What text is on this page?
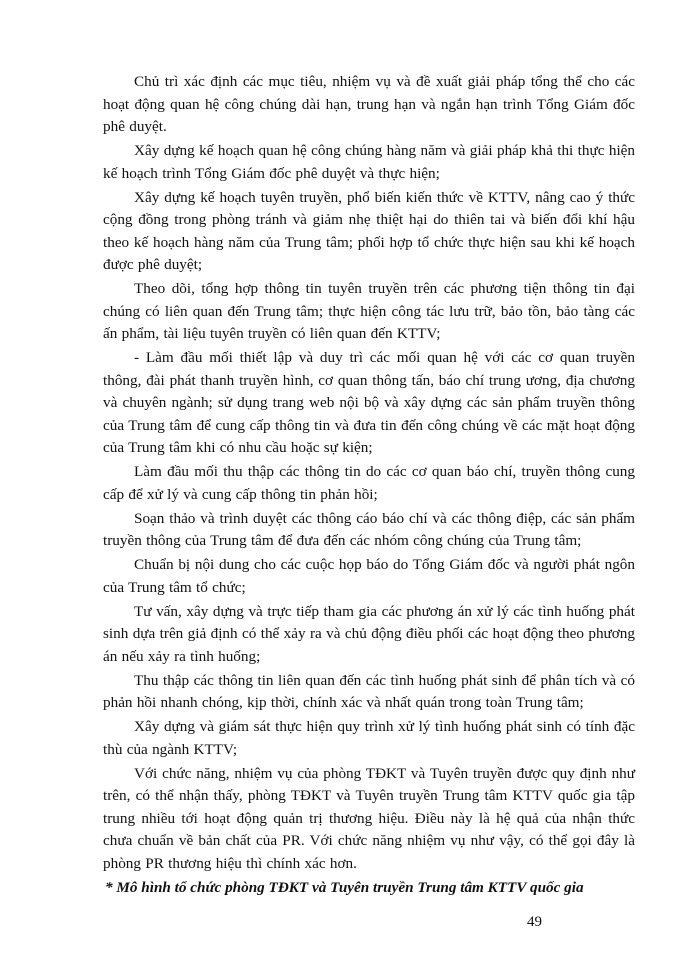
Chủ trì xác định các mục tiêu, nhiệm vụ và đề xuất giải pháp tổng thể cho các hoạt động quan hệ công chúng dài hạn, trung hạn và ngắn hạn trình Tổng Giám đốc phê duyệt.

Xây dựng kế hoạch quan hệ công chúng hàng năm và giải pháp khả thi thực hiện kế hoạch trình Tổng Giám đốc phê duyệt và thực hiện;

Xây dựng kế hoạch tuyên truyền, phổ biến kiến thức về KTTV, nâng cao ý thức cộng đồng trong phòng tránh và giảm nhẹ thiệt hại do thiên tai và biến đổi khí hậu theo kế hoạch hàng năm của Trung tâm; phối hợp tổ chức thực hiện sau khi kế hoạch được phê duyệt;

Theo dõi, tổng hợp thông tin tuyên truyền trên các phương tiện thông tin đại chúng có liên quan đến Trung tâm; thực hiện công tác lưu trữ, bảo tồn, bảo tàng các ấn phẩm, tài liệu tuyên truyền có liên quan đến KTTV;

- Làm đầu mối thiết lập và duy trì các mối quan hệ với các cơ quan truyền thông, đài phát thanh truyền hình, cơ quan thông tấn, báo chí trung ương, địa chương và chuyên ngành; sử dụng trang web nội bộ và xây dựng các sản phẩm truyền thông của Trung tâm để cung cấp thông tin và đưa tin đến công chúng về các mặt hoạt động của Trung tâm khi có nhu cầu hoặc sự kiện;

Làm đầu mối thu thập các thông tin do các cơ quan báo chí, truyền thông cung cấp để xử lý và cung cấp thông tin phản hồi;

Soạn thảo và trình duyệt các thông cáo báo chí và các thông điệp, các sản phẩm truyền thông của Trung tâm để đưa đến các nhóm công chúng của Trung tâm;

Chuẩn bị nội dung cho các cuộc họp báo do Tổng Giám đốc và người phát ngôn của Trung tâm tổ chức;

Tư vấn, xây dựng và trực tiếp tham gia các phương án xử lý các tình huống phát sinh dựa trên giả định có thể xảy ra và chủ động điều phối các hoạt động theo phương án nếu xảy ra tình huống;

Thu thập các thông tin liên quan đến các tình huống phát sinh để phân tích và có phản hồi nhanh chóng, kịp thời, chính xác và nhất quán trong toàn Trung tâm;

Xây dựng và giám sát thực hiện quy trình xử lý tình huống phát sinh có tính đặc thù của ngành KTTV;

Với chức năng, nhiệm vụ của phòng TĐKT và Tuyên truyền được quy định như trên, có thể nhận thấy, phòng TĐKT và Tuyên truyền Trung tâm KTTV quốc gia tập trung nhiều tới hoạt động quản trị thương hiệu. Điều này là hệ quả của nhận thức chưa chuẩn về bản chất của PR. Với chức năng nhiệm vụ như vậy, có thể gọi đây là phòng PR thương hiệu thì chính xác hơn.

* Mô hình tổ chức phòng TĐKT và Tuyên truyền Trung tâm KTTV quốc gia

49
